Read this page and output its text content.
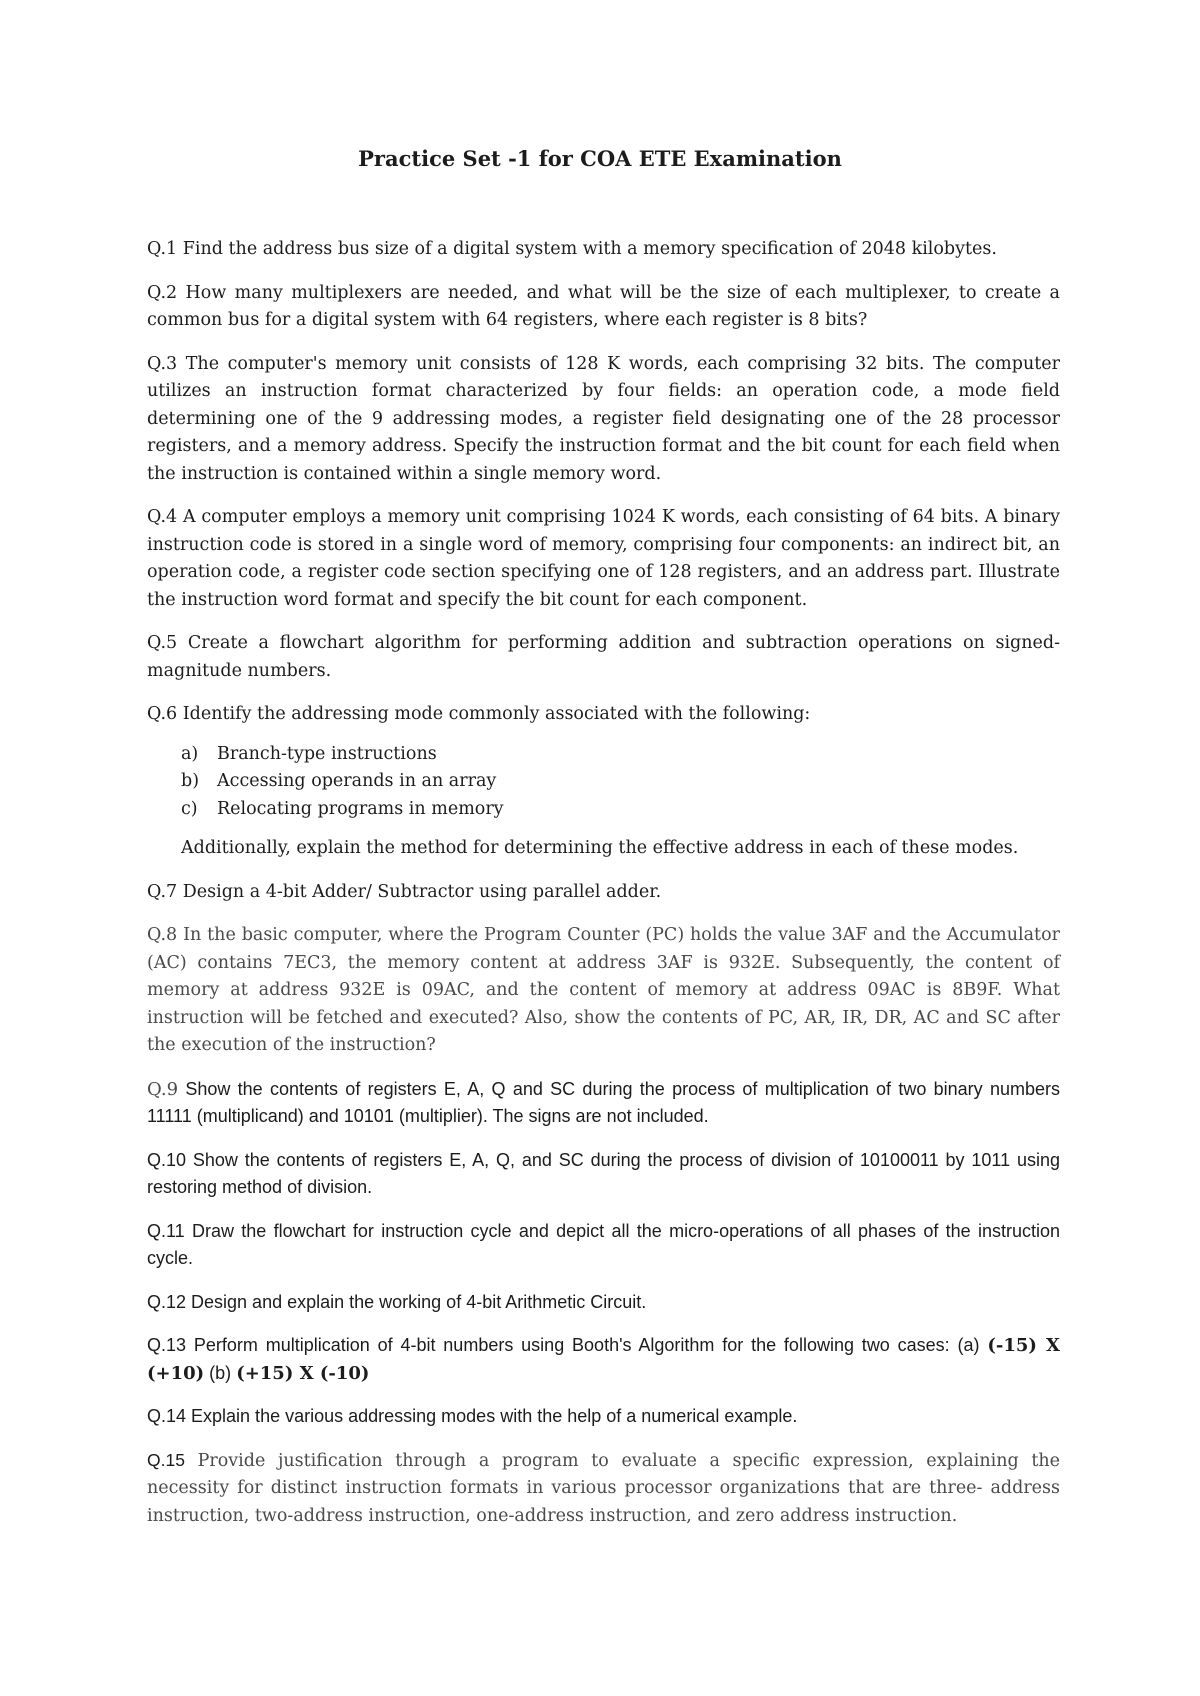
Practice Set -1 for COA ETE Examination

Q.1 Find the address bus size of a digital system with a memory specification of 2048 kilobytes.

Q.2 How many multiplexers are needed, and what will be the size of each multiplexer, to create a common bus for a digital system with 64 registers, where each register is 8 bits?

Q.3 The computer's memory unit consists of 128 K words, each comprising 32 bits. The computer utilizes an instruction format characterized by four fields: an operation code, a mode field determining one of the 9 addressing modes, a register field designating one of the 28 processor registers, and a memory address. Specify the instruction format and the bit count for each field when the instruction is contained within a single memory word.

Q.4 A computer employs a memory unit comprising 1024 K words, each consisting of 64 bits. A binary instruction code is stored in a single word of memory, comprising four components: an indirect bit, an operation code, a register code section specifying one of 128 registers, and an address part. Illustrate the instruction word format and specify the bit count for each component.

Q.5 Create a flowchart algorithm for performing addition and subtraction operations on signed-magnitude numbers.

Q.6 Identify the addressing mode commonly associated with the following:

a)	Branch-type instructions
b)	Accessing operands in an array
c)	Relocating programs in memory

Additionally, explain the method for determining the effective address in each of these modes.

Q.7 Design a 4-bit Adder/ Subtractor using parallel adder.

Q.8 In the basic computer, where the Program Counter (PC) holds the value 3AF and the Accumulator (AC) contains 7EC3, the memory content at address 3AF is 932E. Subsequently, the content of memory at address 932E is 09AC, and the content of memory at address 09AC is 8B9F. What instruction will be fetched and executed? Also, show the contents of PC, AR, IR, DR, AC and SC after the execution of the instruction?

Q.9 Show the contents of registers E, A, Q and SC during the process of multiplication of two binary numbers 11111 (multiplicand) and 10101 (multiplier). The signs are not included.

Q.10 Show the contents of registers E, A, Q, and SC during the process of division of 10100011 by 1011 using restoring method of division.

Q.11 Draw the flowchart for instruction cycle and depict all the micro-operations of all phases of the instruction cycle.

Q.12 Design and explain the working of 4-bit Arithmetic Circuit.

Q.13 Perform multiplication of 4-bit numbers using Booth's Algorithm for the following two cases: (a) (-15) X (+10) (b) (+15) X (-10)

Q.14 Explain the various addressing modes with the help of a numerical example.

Q.15 Provide justification through a program to evaluate a specific expression, explaining the necessity for distinct instruction formats in various processor organizations that are three- address instruction, two-address instruction, one-address instruction, and zero address instruction.
